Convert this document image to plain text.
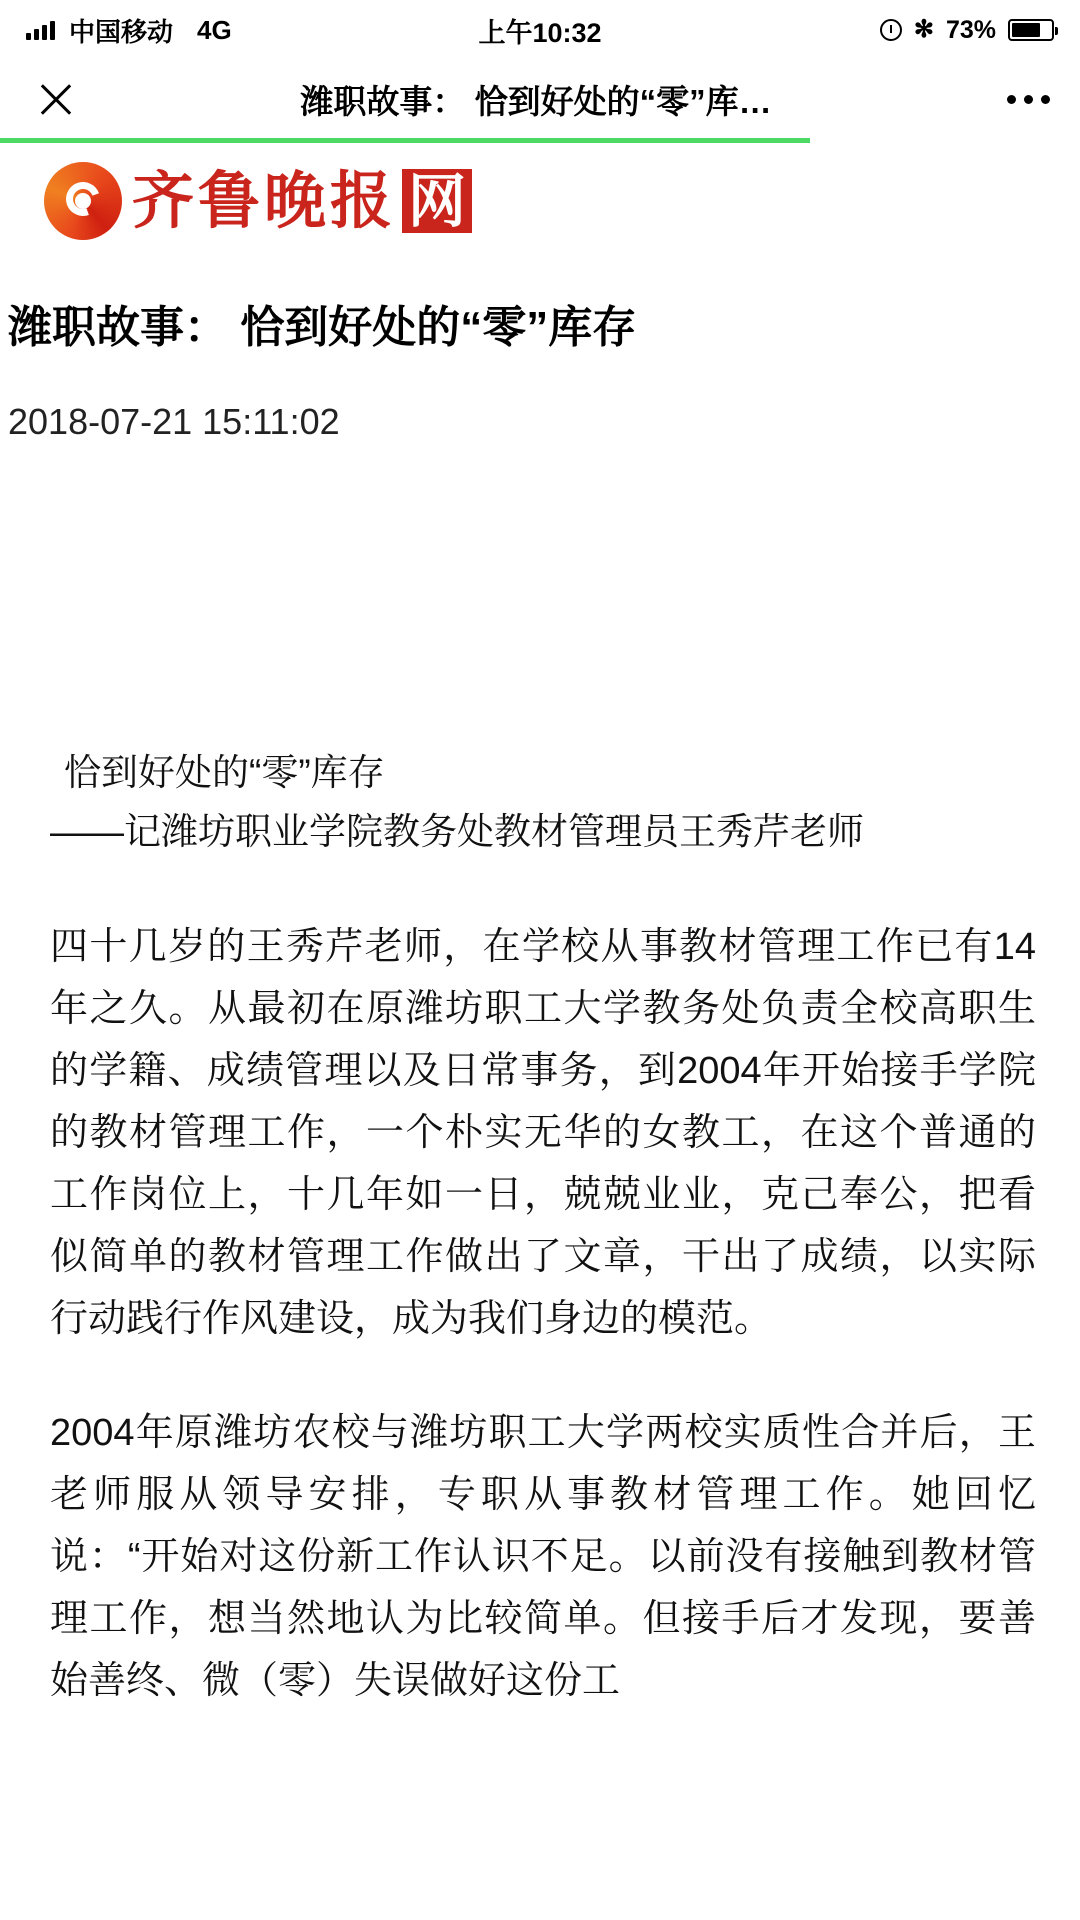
中国移动 4G	上午10:32	✻ 73%
潍职故事： 恰到好处的“零”库…
齐鲁晚报 网
潍职故事： 恰到好处的“零”库存
2018-07-21 15:11:02
恰到好处的“零”库存
——记潍坊职业学院教务处教材管理员王秀芹老师

四十几岁的王秀芹老师，在学校从事教材管理工作已有14年之久。从最初在原潍坊职工大学教务处负责全校高职生的学籍、成绩管理以及日常事务，到2004年开始接手学院的教材管理工作，一个朴实无华的女教工，在这个普通的工作岗位上，十几年如一日，兢兢业业，克己奉公，把看似简单的教材管理工作做出了文章，干出了成绩，以实际行动践行作风建设，成为我们身边的模范。

2004年原潍坊农校与潍坊职工大学两校实质性合并后，王老师服从领导安排，专职从事教材管理工作。她回忆说：“开始对这份新工作认识不足。以前没有接触到教材管理工作，想当然地认为比较简单。但接手后才发现，要善始善终、微（零）失误做好这份工
